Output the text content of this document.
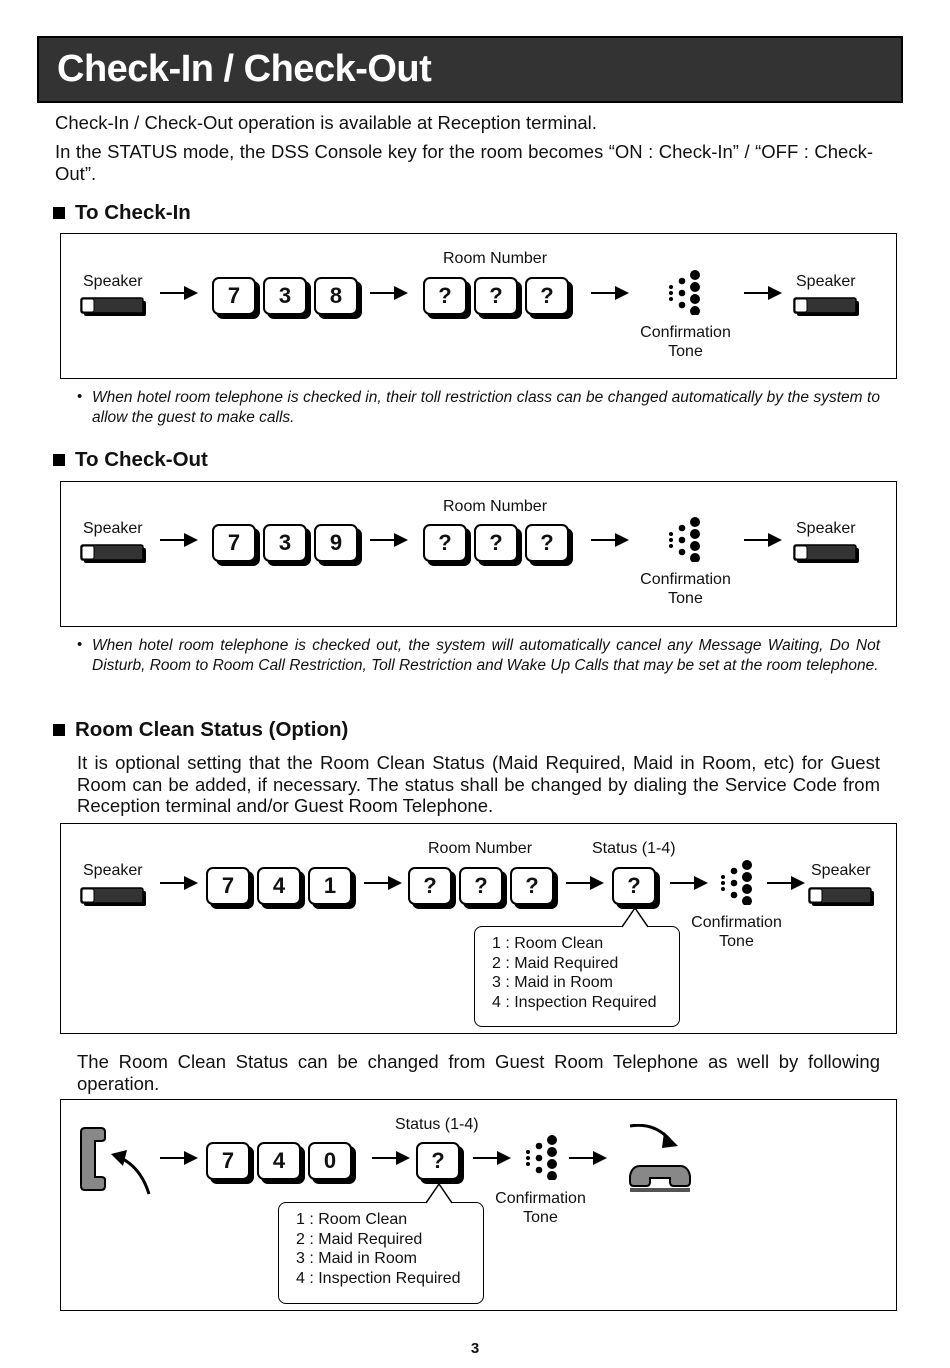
Check-In / Check-Out

Check-In / Check-Out operation is available at Reception terminal.

In the STATUS mode, the DSS Console key for the room becomes “ON : Check-In” / “OFF : Check-Out”.

To Check-In
Speaker
7	3	8
Room Number
?	?	?
Confirmation
Tone
Speaker
• When hotel room telephone is checked in, their toll restriction class can be changed automatically by the system to allow the guest to make calls.

To Check-Out
Speaker
7	3	9
Room Number
?	?	?
Confirmation
Tone
Speaker
• When hotel room telephone is checked out, the system will automatically cancel any Message Waiting, Do Not Disturb, Room to Room Call Restriction, Toll Restriction and Wake Up Calls that may be set at the room telephone.

Room Clean Status (Option)

It is optional setting that the Room Clean Status (Maid Required, Maid in Room, etc) for Guest Room can be added, if necessary. The status shall be changed by dialing the Service Code from Reception terminal and/or Guest Room Telephone.

Speaker
7	4	1
Room Number
?	?	?
Status (1-4)
?
Confirmation
Tone
Speaker
1 : Room Clean
2 : Maid Required
3 : Maid in Room
4 : Inspection Required

The Room Clean Status can be changed from Guest Room Telephone as well by following operation.

7	4	0
Status (1-4)
?
Confirmation
Tone
1 : Room Clean
2 : Maid Required
3 : Maid in Room
4 : Inspection Required
3
